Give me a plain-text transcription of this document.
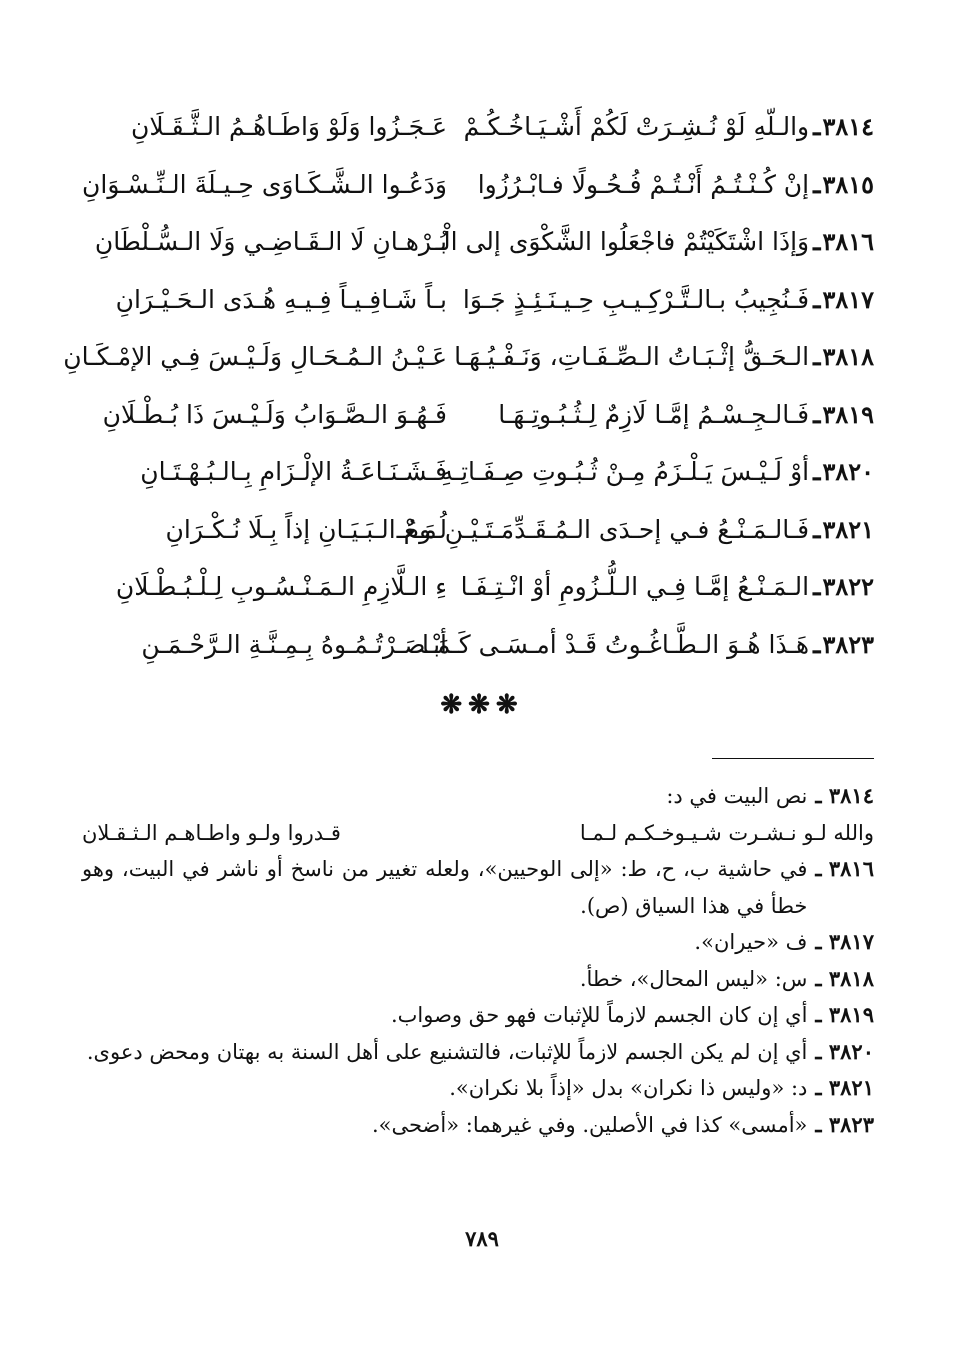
٣٨١٤
ـ
والـلّهِ لَوْ نُـشِـرَتْ لَكُمْ أَشْـيَـاخُـكُـمْ
عَـجَـزُوا وَلَوْ وَاطَـاهُـمُ الـثَّـقَـلَانِ
٣٨١٥
ـ
إنْ كُـنْـتُـمُ أَنْـتُـمْ فُـحُـولًا فـابْـرُزُوا
وَدَعُـوا الـشَّـكَـاوَى حِـيـلَةَ الـنِّـسْـوَانِ
٣٨١٦
ـ
وَإذَا اشْتَكَيْتُمْ فاجْعَلُوا الشَّكْوَى إلى الْـ
بُـرْهـانِ لَا الـقَـاضِـي وَلَا الـسُّـلْطَانِ
٣٨١٧
ـ
فَـنُجِيبُ بـالـتَّـرْكِـيـبِ حِـيـنَـئِـذٍ جَـوَا
بـاً شَـافِـيـاً فِـيـهِ هُـدَى الـحَـيْـرَانِ
٣٨١٨
ـ
الـحَـقُّ إثْـبَـاتُ الـصِّـفَـاتِ، وَنَـفْـيُـهَـا
عَـيْـنُ الـمُـحَـالِ وَلَـيْـسَ فِـي الإمْـكَـانِ
٣٨١٩
ـ
فَـالـجِـسْـمُ إمَّـا لَازِمٌ لِـثُـبُـوتِـهَـا
فَـهُـوَ الـصَّـوَابُ وَلَـيْـسَ ذَا بُـطْـلَانِ
٣٨٢٠
ـ
أوْ لَـيْـسَ يَـلْـزَمُ مِـنْ ثُـبُـوتِ صِـفَـاتِـهِ
فَـشَـنَـاعَـةُ الإلْـزَامِ بِـالـبُـهْـتَـانِ
٣٨٢١
ـ
فَـالـمَـنْـعُ فـي إحـدَى الـمُـقَـدِّمَـتَـيْـنِ مَـعْـ
لُـومُ الـبَـيَـانِ إذاً بِـلَا نُـكْـرَانِ
٣٨٢٢
ـ
الـمَـنْـعُ إمَّـا فِـي الـلُّـزُومِ أوْ انْـتِـفَـا
ءِ الـلَّازِمِ الـمَـنْـسُـوبِ لِـلْـبُـطْـلَانِ
٣٨٢٣
ـ
هَـذَا هُـوَ الـطَّـاغُـوتُ قَـدْ أمـسَـى كَـمَـا
أبْـصَـرْتُـمُـوهُ بِـمِـنَّـةِ الـرَّحْـمَـنِ
❋❋❋
٣٨١٤ ـ
نص البيت في د:
والله لـو نـشـرت شـيـوخـكـم لـمـا
قـدروا ولـو واطـاهـم الـثـقـلان
٣٨١٦ ـ
في حاشية ب، ح، ط: «إلى الوحيين»، ولعله تغيير من ناسخ أو ناشر في البيت، وهو خطأ في هذا السياق (ص).
٣٨١٧ ـ
ف «حيران».
٣٨١٨ ـ
س: «ليس المحال»، خطأ.
٣٨١٩ ـ
أي إن كان الجسم لازماً للإثبات فهو حق وصواب.
٣٨٢٠ ـ
أي إن لم يكن الجسم لازماً للإثبات، فالتشنيع على أهل السنة به بهتان ومحض دعوى.
٣٨٢١ ـ
د: «وليس ذا نكران» بدل «إذاً بلا نكران».
٣٨٢٣ ـ
«أمسى» كذا في الأصلين. وفي غيرهما: «أضحى».
٧٨٩
